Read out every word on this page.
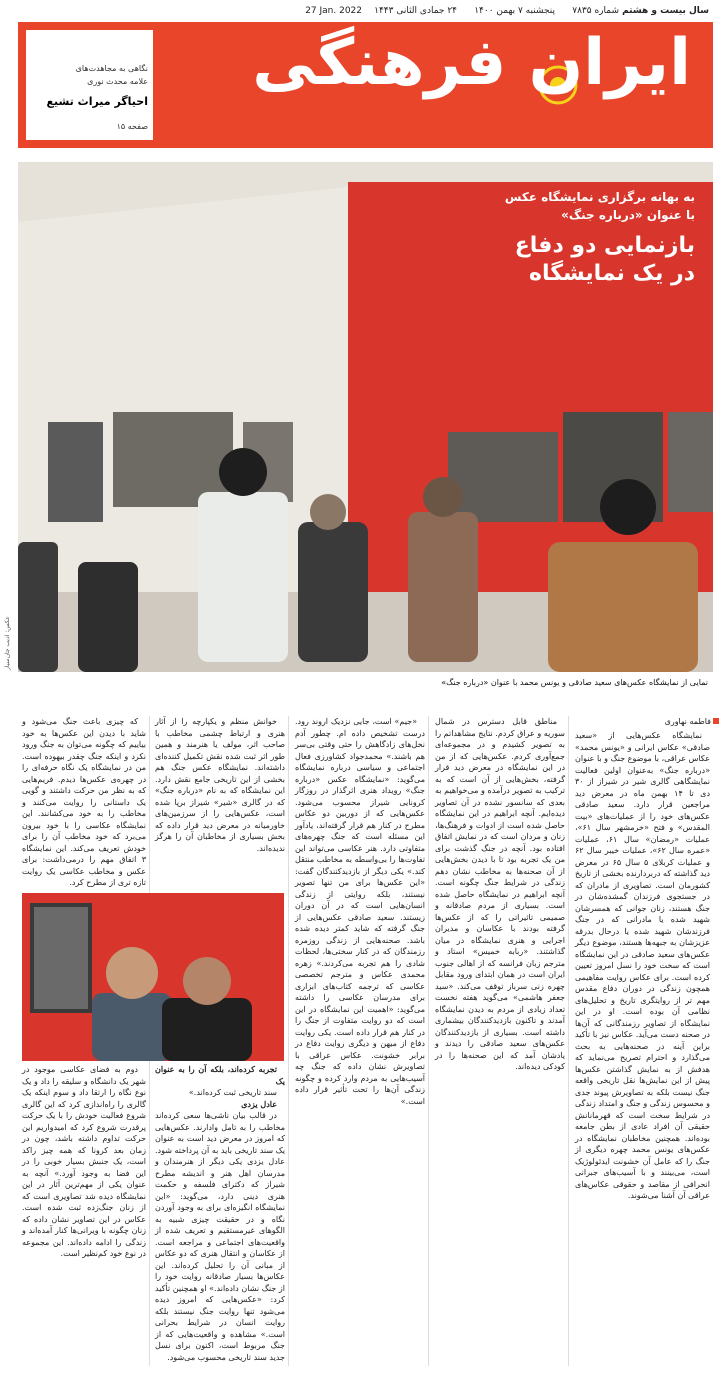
سال بیست و هشتم
شماره ۷۸۳۵
پنجشنبه ۷ بهمن ۱۴۰۰
۲۴ جمادی الثانی ۱۴۴۳
27 Jan. 2022
ایران فرهنگی
نگاهی به مجاهدت‌های
علامه محدث نوری
احیاگر میراث تشیع
صفحه ۱۵
به بهانه برگزاری نمایشگاه عکس
با عنوان «درباره جنگ»
بازنمایی دو دفاع
در یک نمایشگاه
عکس: ادیب جان‌سیار
نمایی از نمایشگاه عکس‌های سعید صادقی و یونس محمد با عنوان «درباره جنگ»
فاطمه نهاوری

نمایشگاه عکس‌هایی از «سعید صادقی» عکاس ایرانی و «یونس محمد» عکاس عراقی، با موضوع جنگ و با عنوان «درباره جنگ» به‌عنوان اولین فعالیت نمایشگاهی گالری شیر در شیراز از ۳۰ دی تا ۱۴ بهمن ماه در معرض دید مراجعین قرار دارد. سعید صادقی عکس‌های خود را از عملیات‌های «بیت المقدس» و فتح «خرمشهر سال ۶۱»، عملیات «رمضان» سال ۶۱، عملیات «عمره سال ۶۲»، عملیات خیبر سال ۶۲ و عملیات کربلای ۵ سال ۶۵ در معرض دید گذاشته که دربردارنده بخشی از تاریخ کشورمان است. تصاویری از مادران که در جستجوی فرزندان گمشده‌شان در جنگ هستند، زنان جوانی که همسرشان شهید شده یا مادرانی که در جنگ فرزندشان شهید شده یا درحال بدرقه عزیزشان به جبهه‌ها هستند، موضوع دیگر عکس‌های سعید صادقی در این نمایشگاه است که سخت خود را نسل امروز تعیین کرده است. برای عکاس روایت مفاهیمی همچون زندگی در دوران دفاع مقدس مهم تر از روایتگری تاریخ و تحلیل‌های نظامی آن بوده است. او در این نمایشگاه از تصاویر رزمندگانی که آن‌ها در صحنه دست می‌آید. عکاس نیز با تأکید براین آینه در صحنه‌هایی به بحث می‌گذارد و احترام تصریح می‌نماید که هدفش از به نمایش گذاشتن عکس‌ها پیش از این نمایش‌ها نقل تاریخی واقعه جنگ نیست بلکه به تصاویرش پیوند جدی و محسوس زندگی و جنگ و امتداد زندگی در شرایط سخت است که قهرمانانش حقیقی آن افراد عادی از بطن جامعه بوده‌اند. همچنین مخاطبان نمایشگاه در عکس‌های یونس محمد چهره دیگری از جنگ را که عامل آن خشونت ایدئولوژیک است، می‌بینند و با آسیب‌های جبرانی انحرافی از مقاصد و حقوقی عکاس‌های عراقی آن آشنا می‌شوند.

مناطق قابل دسترس در شمال سوریه و عراق کردم. نتایج مشاهداتم را به تصویر کشیدم و در مجموعه‌ای جمع‌آوری کردم. عکس‌هایی که از من در این نمایشگاه در معرض دید قرار گرفته، بخش‌هایی از آن است که به ترکیب به تصویر درآمده و می‌خواهیم به بعدی که سانسور نشده در آن تصاویر دیده‌ایم. آنچه ابراهیم در این نمایشگاه حاصل شده است از ادوات و فرهنگ‌ها، زنان و مردان است که در نمایش اتفاق افتاده بود. آنچه در جنگ گذشت برای من یک تجربه بود تا با دیدن بخش‌هایی از آن صحنه‌ها به مخاطب نشان دهم زندگی در شرایط جنگ چگونه است. آنچه ابراهیم در نمایشگاه حاصل شده است. بسیاری از مردم صادقانه و صمیمی تاثیراتی را که از عکس‌ها گرفته بودند با عکاسان و مدیران اجرایی و هنری نمایشگاه در میان گذاشتند. «ربابه خمیس» استاد و مترجم زبان فرانسه که از اهالی جنوب ایران است در همان ابتدای ورود مقابل چهره زنی سرباز توقف می‌کند. «سید جعفر هاشمی» می‌گوید هفته نخست تعداد زیادی از مردم به دیدن نمایشگاه آمدند و تاکنون بازدیدکنندگان بیشماری داشته است. بسیاری از بازدیدکنندگان عکس‌های سعید صادقی را دیدند و یادشان آمد که این صحنه‌ها را در کودکی دیده‌اند.

«جیم» است، جایی نزدیک اروند رود. درست تشخیص داده ام. چطور آدم نخل‌های زادگاهش را حتی وقتی بی‌سر هم باشند.» محمدجواد کشاورزی فعال اجتماعی و سیاسی درباره نمایشگاه می‌گوید: «نمایشگاه عکس «درباره جنگ» رویداد هنری اثرگذار در روزگار کرونایی شیراز محسوب می‌شود. عکس‌هایی که از دوربین دو عکاس مطرح در کنار هم قرار گرفته‌اند، یادآور این مسئله است که جنگ چهره‌های متفاوتی دارد. هنر عکاسی می‌تواند این تفاوت‌ها را بی‌واسطه به مخاطب منتقل کند.» یکی دیگر از بازدیدکنندگان گفت: «این عکس‌ها برای من تنها تصویر نیستند، بلکه روایتی از زندگی انسان‌هایی است که در آن دوران زیستند. سعید صادقی عکس‌هایی از جنگ گرفته که شاید کمتر دیده شده باشد. صحنه‌هایی از زندگی روزمره رزمندگان که در کنار سختی‌ها، لحظات شادی را هم تجربه می‌کردند.» زهره محمدی عکاس و مترجم تخصصی عکاسی که ترجمه کتاب‌های ابزاری برای مدرسان عکاسی را داشته می‌گوید: «اهمیت این نمایشگاه در این است که دو روایت متفاوت از جنگ را در کنار هم قرار داده است. یکی روایت دفاع از میهن و دیگری روایت دفاع در برابر خشونت. عکاس عراقی با تصاویرش نشان داده که جنگ چه آسیب‌هایی به مردم وارد کرده و چگونه زندگی آن‌ها را تحت تأثیر قرار داده است.»

خوانش منظم و یکپارچه را از آثار هنری و ارتباط چشمی مخاطب با صاحب اثر، مولف یا هنرمند و همین طور اثر ثبت شده نقش تکمیل کننده‌ای داشته‌اند. نمایشگاه عکس جنگ هم بخشی از این تاریخی جامع نقش دارد. این نمایشگاه که به نام «درباره جنگ» که در گالری «شیر» شیراز برپا شده است، عکس‌هایی را از سرزمین‌های خاورمیانه در معرض دید قرار داده که بخش بسیاری از مخاطبان آن را هرگز ندیده‌اند.

که چیزی باعث جنگ می‌شود و شاید با دیدن این عکس‌ها به خود بیاییم که چگونه می‌توان به جنگ ورود نکرد و اینکه جنگ چقدر بیهوده است. من در نمایشگاه یک نگاه حرفه‌ای را در چهره‌ی عکس‌ها دیدم. فریم‌هایی که به نظر من حرکت داشتند و گویی یک داستانی را روایت می‌کنند و مخاطب را به خود می‌کشانند. این نمایشگاه عکاسی را با خود بیرون می‌برد که خود مخاطب آن را برای خودش تعریف می‌کند. این نمایشگاه ۳ اتفاق مهم را درمی‌داشت: برای عکس و مخاطب عکاسی یک روایت تازه تری از مطرح کرد.

تجربه کرده‌اند، بلکه آن را به عنوان یک

سند تاریخی ثبت کرده‌اند.»

عادل یزدی

در قالب بیان ناشی‌ها سعی کرده‌اند مخاطب را به تامل وادارند. عکس‌هایی که امروز در معرض دید است به عنوان یک سند تاریخی باید به آن پرداخته شود. عادل یزدی یکی دیگر از هنرمندان و مدرسان اهل هنر و اندیشه مطرح شیراز که دکترای فلسفه و حکمت هنری دینی دارد، می‌گوید: «این نمایشگاه انگیزه‌ای برای به وجود آوردن نگاه و در حقیقت چیزی شبیه به الگوهای غیرمستقیم و تعریف شده از واقعیت‌های اجتماعی و مراجعه است. از عکاسان و انتقال هنری که دو عکاس از مبانی آن را تحلیل کرده‌اند. این عکاس‌ها بسیار صادقانه روایت خود را از جنگ نشان داده‌اند.» او همچنین تأکید کرد: «عکس‌هایی که امروز دیده می‌شود تنها روایت جنگ نیستند بلکه روایت انسان در شرایط بحرانی است.» مشاهده و واقعیت‌هایی که از جنگ مربوط است، اکنون برای نسل جدید سند تاریخی محسوب می‌شود.

دوم به فضای عکاسی موجود در شهر یک دانشگاه و سلیقه را داد و یک نوع نگاه را ارتقا داد و سوم اینکه یک گالری را راه‌اندازی کرد که این گالری شروع فعالیت خودش را با یک حرکت پرقدرت شروع کرد که امیدواریم این حرکت تداوم داشته باشد، چون در زمان بعد کرونا که همه چیز راکد است، یک جنبش بسیار خوبی را در این فضا به وجود آورد.» آنچه به عنوان یکی از مهم‌ترین آثار در این نمایشگاه دیده شد تصاویری است که از زنان جنگ‌زده ثبت شده است. عکاس در این تصاویر نشان داده که زنان چگونه با ویرانی‌ها کنار آمده‌اند و زندگی را ادامه داده‌اند. این مجموعه در نوع خود کم‌نظیر است.
